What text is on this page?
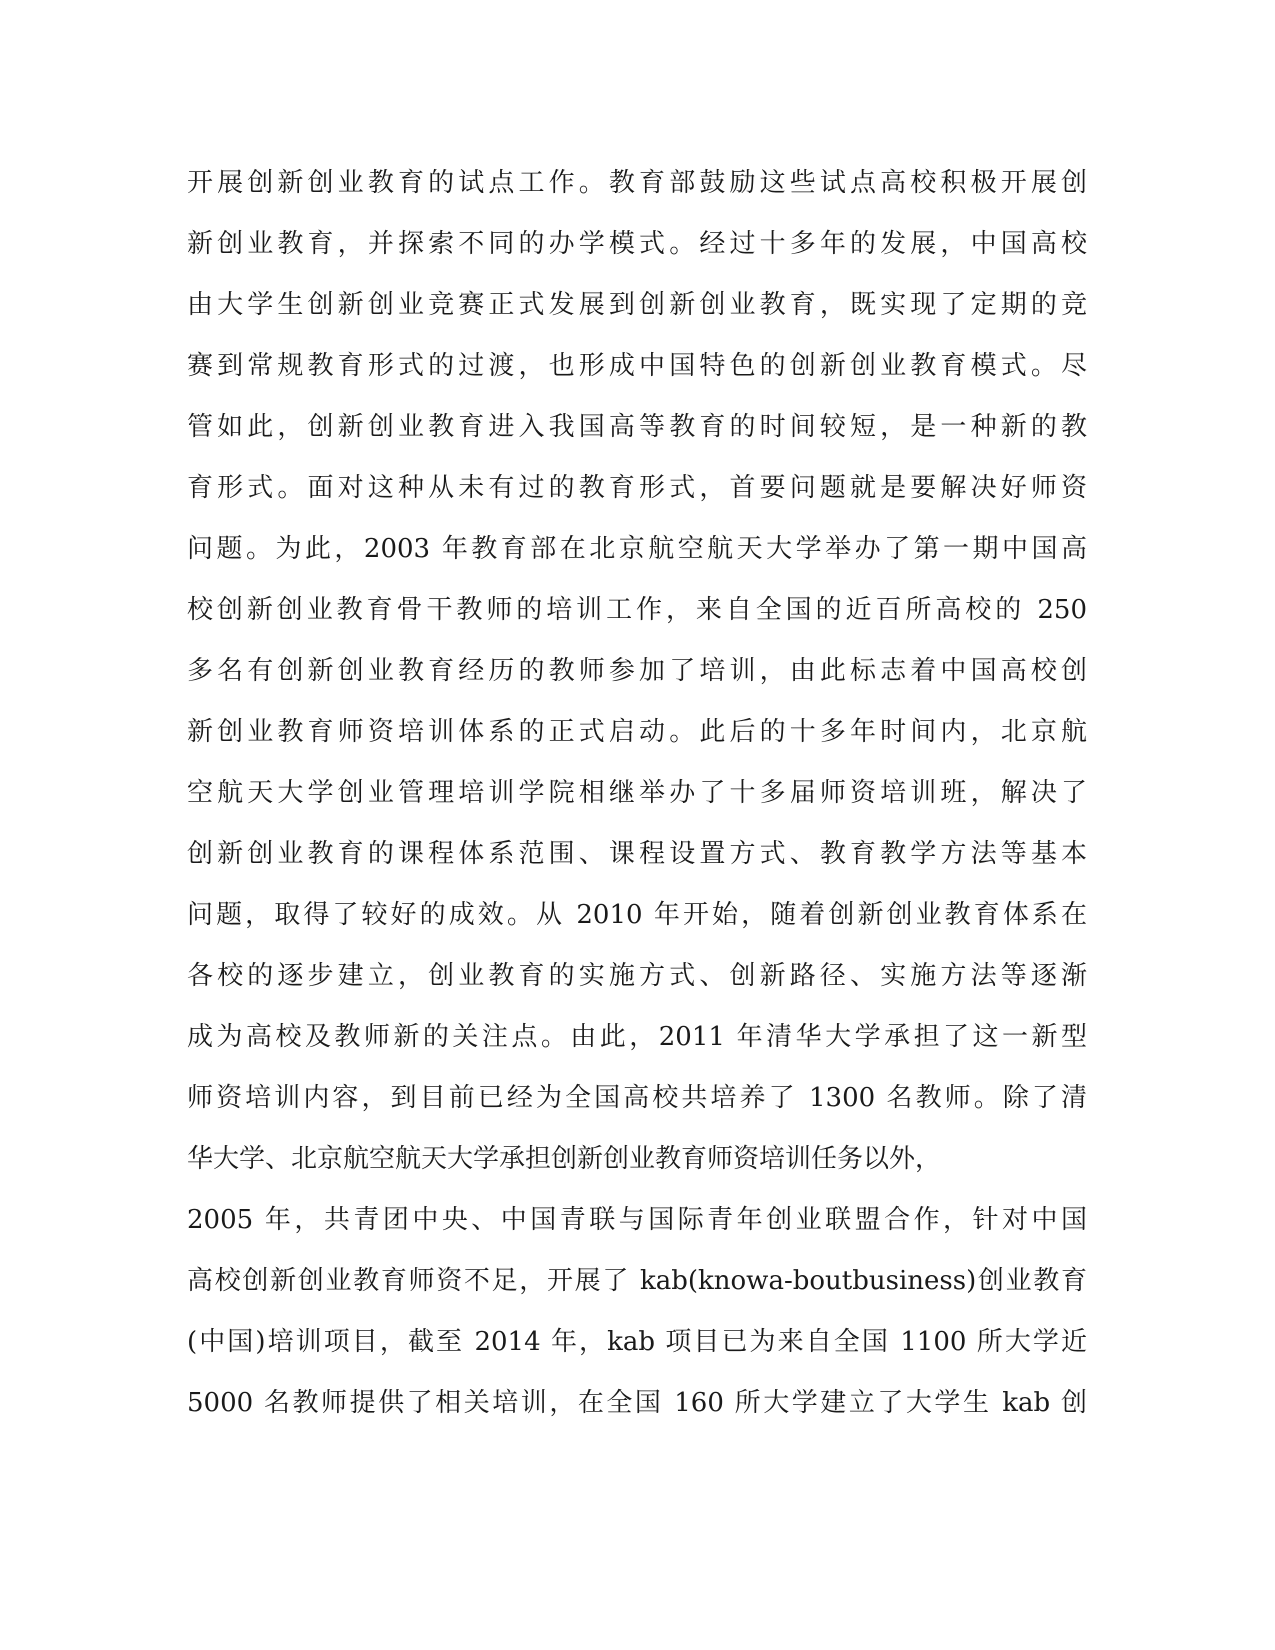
开展创新创业教育的试点工作。教育部鼓励这些试点高校积极开展创
新创业教育，并探索不同的办学模式。经过十多年的发展，中国高校
由大学生创新创业竞赛正式发展到创新创业教育，既实现了定期的竞
赛到常规教育形式的过渡，也形成中国特色的创新创业教育模式。尽
管如此，创新创业教育进入我国高等教育的时间较短，是一种新的教
育形式。面对这种从未有过的教育形式，首要问题就是要解决好师资
问题。为此，2003 年教育部在北京航空航天大学举办了第一期中国高
校创新创业教育骨干教师的培训工作，来自全国的近百所高校的 250
多名有创新创业教育经历的教师参加了培训，由此标志着中国高校创
新创业教育师资培训体系的正式启动。此后的十多年时间内，北京航
空航天大学创业管理培训学院相继举办了十多届师资培训班，解决了
创新创业教育的课程体系范围、课程设置方式、教育教学方法等基本
问题，取得了较好的成效。从 2010 年开始，随着创新创业教育体系在
各校的逐步建立，创业教育的实施方式、创新路径、实施方法等逐渐
成为高校及教师新的关注点。由此，2011 年清华大学承担了这一新型
师资培训内容，到目前已经为全国高校共培养了 1300 名教师。除了清
华大学、北京航空航天大学承担创新创业教育师资培训任务以外，
2005 年，共青团中央、中国青联与国际青年创业联盟合作，针对中国
高校创新创业教育师资不足，开展了 kab(knowa-boutbusiness)创业教育
(中国)培训项目，截至 2014 年，kab 项目已为来自全国 1100 所大学近
5000 名教师提供了相关培训，在全国 160 所大学建立了大学生 kab 创
